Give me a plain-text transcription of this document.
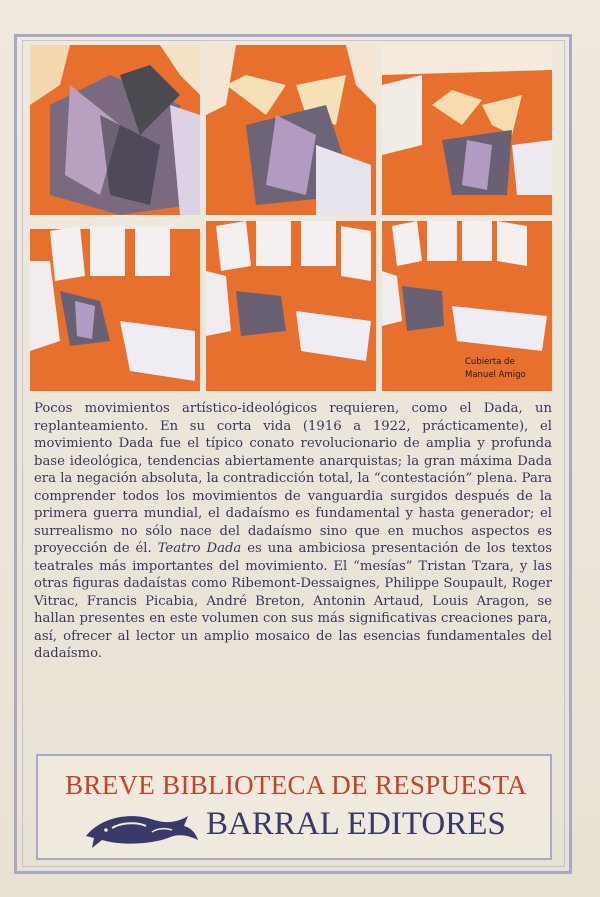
Cubierta de
Manuel Amigo

Pocos movimientos artístico-ideológicos requieren, como el Dada, un replanteamiento. En su corta vida (1916 a 1922, prácticamente), el movimiento Dada fue el típico conato revolucionario de amplia y profunda base ideológica, tendencias abiertamente anarquistas; la gran máxima Dada era la negación absoluta, la contradicción total, la “contestación” plena. Para comprender todos los movimientos de vanguardia surgidos después de la primera guerra mundial, el dadaísmo es fundamental y hasta generador; el surrealismo no sólo nace del dadaísmo sino que en muchos aspectos es proyección de él. Teatro Dada es una ambiciosa presentación de los textos teatrales más importantes del movimiento. El “mesías” Tristan Tzara, y las otras figuras dadaístas como Ribemont-Dessaignes, Philippe Soupault, Roger Vitrac, Francis Picabia, André Breton, Antonin Artaud, Louis Aragon, se hallan presentes en este volumen con sus más significativas creaciones para, así, ofrecer al lector un amplio mosaico de las esencias fundamentales del dadaísmo.

BREVE BIBLIOTECA DE RESPUESTA
BARRAL EDITORES
